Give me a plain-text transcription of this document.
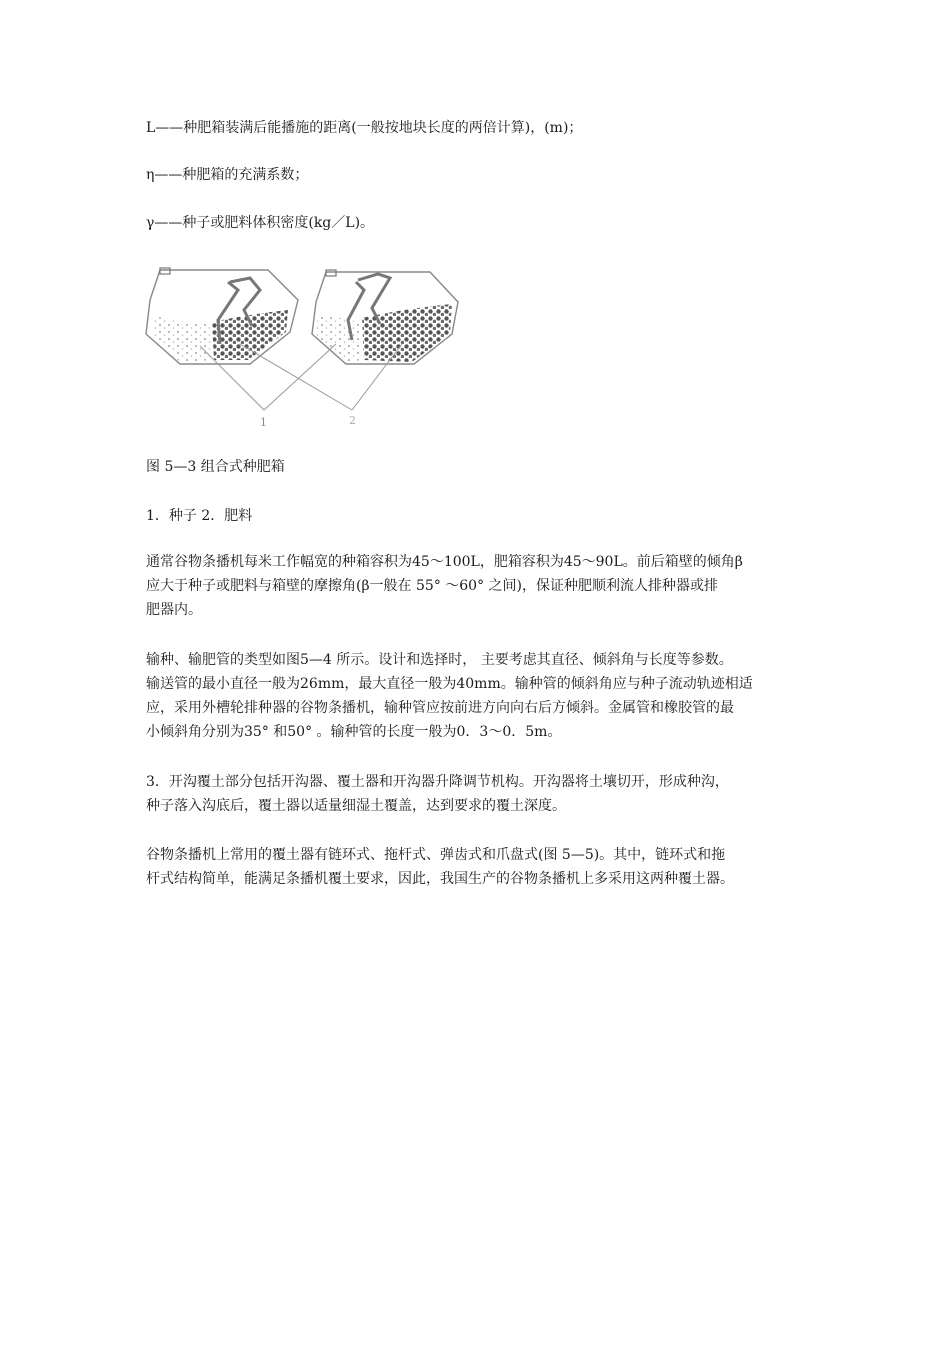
L——种肥箱装满后能播施的距离(一般按地块长度的两倍计算)，(m)；
η——种肥箱的充满系数；
γ——种子或肥料体积密度(kg／L)。
1	2
图 5—3 组合式种肥箱
1．种子 2．肥料
通常谷物条播机每米工作幅宽的种箱容积为45～100L，肥箱容积为45～90L。前后箱壁的倾角β
应大于种子或肥料与箱壁的摩擦角(β一般在 55° ～60° 之间)，保证种肥顺利流人排种器或排
肥器内。
输种、输肥管的类型如图5—4 所示。设计和选择时， 主要考虑其直径、倾斜角与长度等参数。
输送管的最小直径一般为26mm，最大直径一般为40mm。输种管的倾斜角应与种子流动轨迹相适
应，采用外槽轮排种器的谷物条播机，输种管应按前进方向向右后方倾斜。金属管和橡胶管的最
小倾斜角分别为35° 和50° 。输种管的长度一般为0．3～0．5m。
3．开沟覆土部分包括开沟器、覆土器和开沟器升降调节机构。开沟器将土壤切开，形成种沟，
种子落入沟底后，覆土器以适量细湿土覆盖，达到要求的覆土深度。
谷物条播机上常用的覆土器有链环式、拖杆式、弹齿式和爪盘式(图 5—5)。其中，链环式和拖
杆式结构简单，能满足条播机覆土要求，因此，我国生产的谷物条播机上多采用这两种覆土器。
